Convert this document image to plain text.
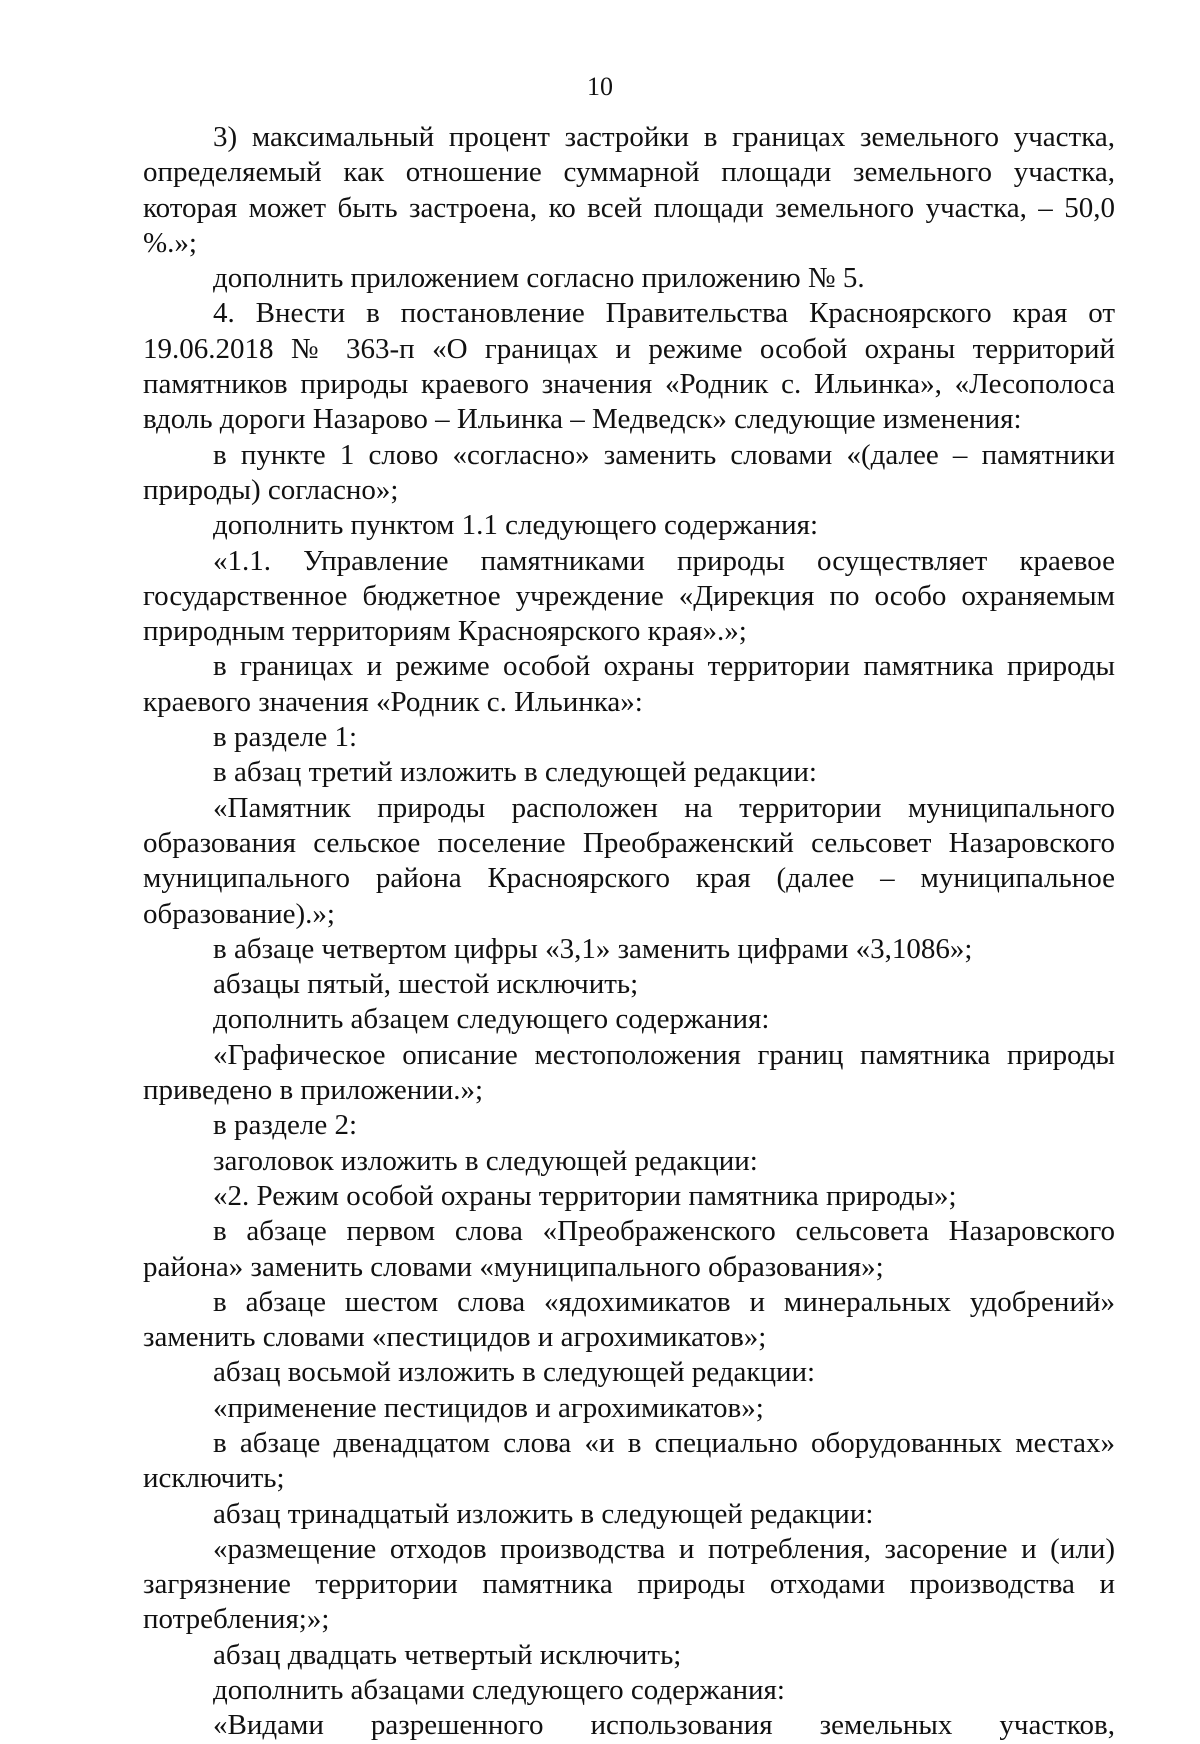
10

3) максимальный процент застройки в границах земельного участка, определяемый как отношение суммарной площади земельного участка, которая может быть застроена, ко всей площади земельного участка, – 50,0 %.»;

дополнить приложением согласно приложению № 5.

4. Внести в постановление Правительства Красноярского края от 19.06.2018 № 363-п «О границах и режиме особой охраны территорий памятников природы краевого значения «Родник с. Ильинка», «Лесополоса вдоль дороги Назарово – Ильинка – Медведск» следующие изменения:

в пункте 1 слово «согласно» заменить словами «(далее – памятники природы) согласно»;

дополнить пунктом 1.1 следующего содержания:

«1.1. Управление памятниками природы осуществляет краевое государственное бюджетное учреждение «Дирекция по особо охраняемым природным территориям Красноярского края».»;

в границах и режиме особой охраны территории памятника природы краевого значения «Родник с. Ильинка»:

в разделе 1:

в абзац третий изложить в следующей редакции:

«Памятник природы расположен на территории муниципального образования сельское поселение Преображенский сельсовет Назаровского муниципального района Красноярского края (далее – муниципальное образование).»;

в абзаце четвертом цифры «3,1» заменить цифрами «3,1086»;

абзацы пятый, шестой исключить;

дополнить абзацем следующего содержания:

«Графическое описание местоположения границ памятника природы приведено в приложении.»;

в разделе 2:

заголовок изложить в следующей редакции:

«2. Режим особой охраны территории памятника природы»;

в абзаце первом слова «Преображенского сельсовета Назаровского района» заменить словами «муниципального образования»;

в абзаце шестом слова «ядохимикатов и минеральных удобрений» заменить словами «пестицидов и агрохимикатов»;

абзац восьмой изложить в следующей редакции:

«применение пестицидов и агрохимикатов»;

в абзаце двенадцатом слова «и в специально оборудованных местах» исключить;

абзац тринадцатый изложить в следующей редакции:

«размещение отходов производства и потребления, засорение и (или) загрязнение территории памятника природы отходами производства и потребления;»;

абзац двадцать четвертый исключить;

дополнить абзацами следующего содержания:

«Видами разрешенного использования земельных участков,
